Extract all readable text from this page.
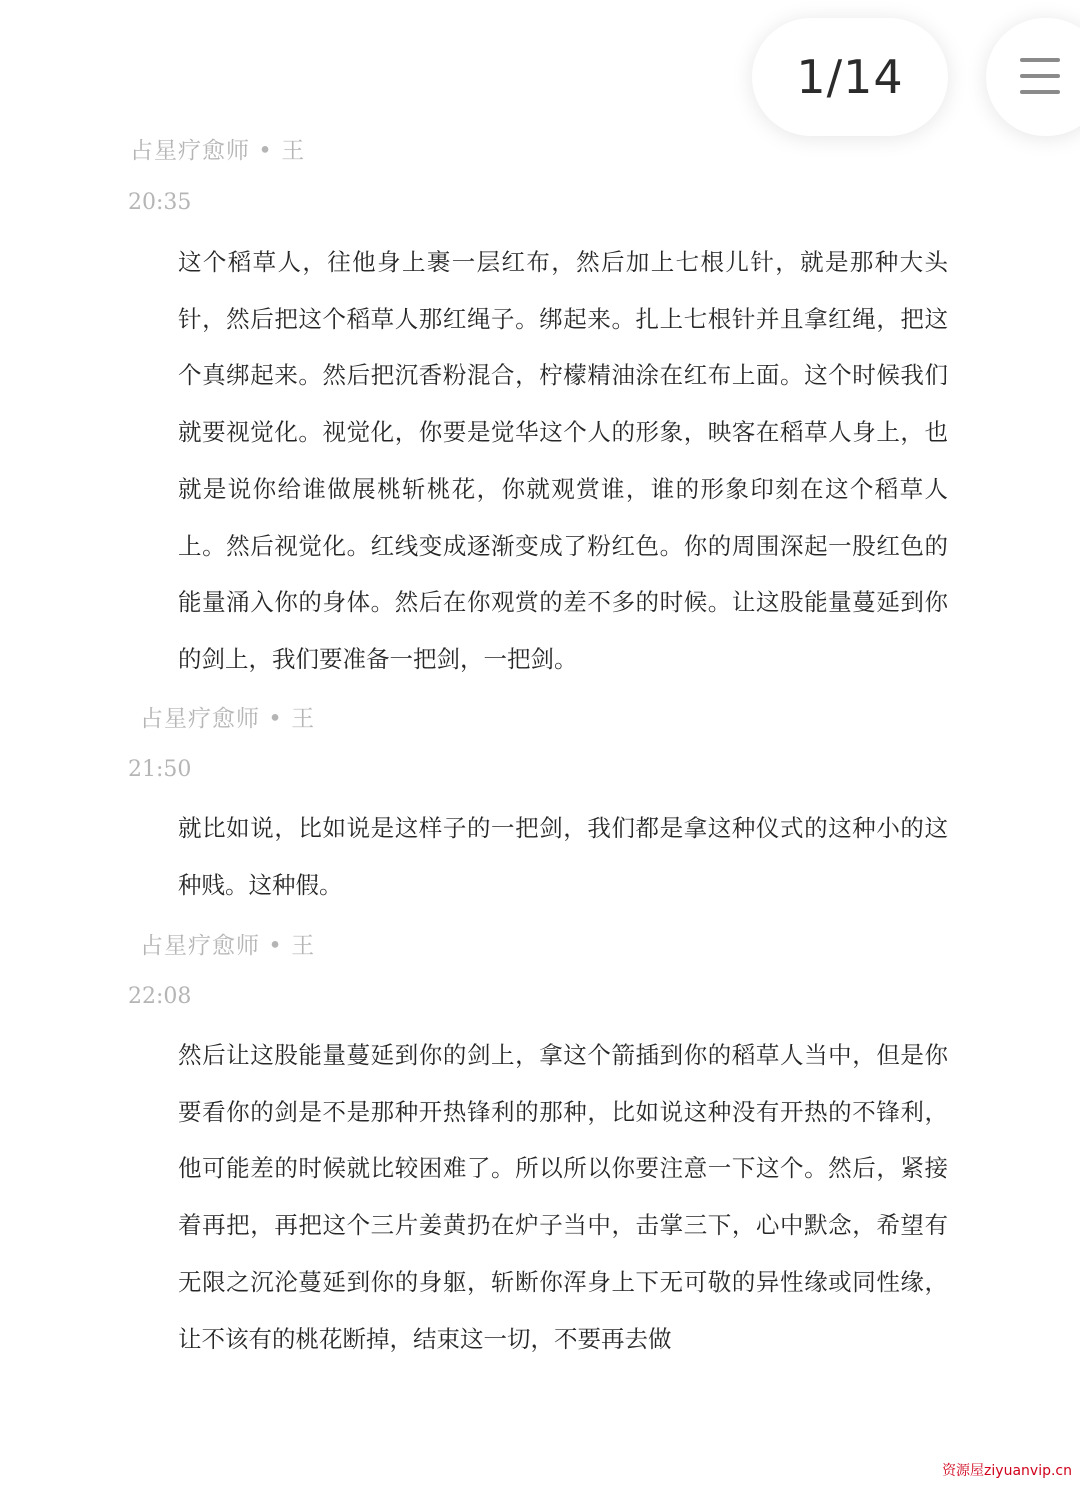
1/14
占星疗愈师 • 王
20:35

这个稻草人，往他身上裹一层红布，然后加上七根儿针，就是那种大头针，然后把这个稻草人那红绳子。绑起来。扎上七根针并且拿红绳，把这个真绑起来。然后把沉香粉混合，柠檬精油涂在红布上面。这个时候我们就要视觉化。视觉化，你要是觉华这个人的形象，映客在稻草人身上，也就是说你给谁做展桃斩桃花，你就观赏谁，谁的形象印刻在这个稻草人上。然后视觉化。红线变成逐渐变成了粉红色。你的周围深起一股红色的能量涌入你的身体。然后在你观赏的差不多的时候。让这股能量蔓延到你的剑上，我们要准备一把剑，一把剑。

占星疗愈师 • 王
21:50

就比如说，比如说是这样子的一把剑，我们都是拿这种仪式的这种小的这种贱。这种假。

占星疗愈师 • 王
22:08

然后让这股能量蔓延到你的剑上，拿这个箭插到你的稻草人当中，但是你要看你的剑是不是那种开热锋利的那种，比如说这种没有开热的不锋利，他可能差的时候就比较困难了。所以所以你要注意一下这个。然后，紧接着再把，再把这个三片姜黄扔在炉子当中，击掌三下，心中默念，希望有无限之沉沦蔓延到你的身躯，斩断你浑身上下无可敬的异性缘或同性缘，让不该有的桃花断掉，结束这一切，不要再去做

资源屋ziyuanvip.cn
